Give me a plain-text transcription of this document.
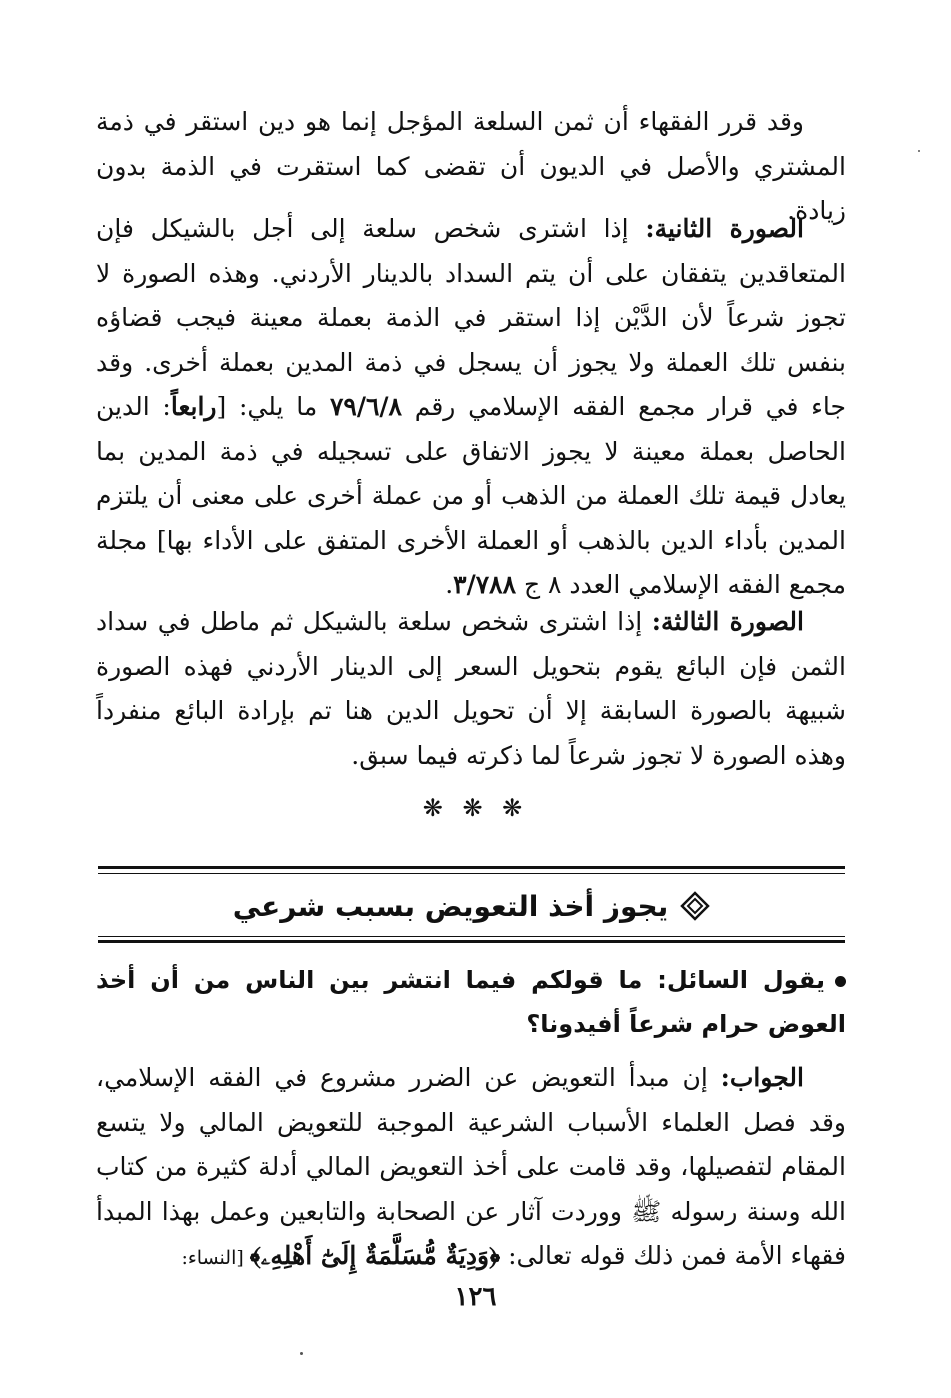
وقد قرر الفقهاء أن ثمن السلعة المؤجل إنما هو دين استقر في ذمة المشتري والأصل في الديون أن تقضى كما استقرت في الذمة بدون زيادة.
الصورة الثانية: إذا اشترى شخص سلعة إلى أجل بالشيكل فإن المتعاقدين يتفقان على أن يتم السداد بالدينار الأردني. وهذه الصورة لا تجوز شرعاً لأن الدَّيْن إذا استقر في الذمة بعملة معينة فيجب قضاؤه بنفس تلك العملة ولا يجوز أن يسجل في ذمة المدين بعملة أخرى. وقد جاء في قرار مجمع الفقه الإسلامي رقم ٧٩/٦/٨ ما يلي: [رابعاً: الدين الحاصل بعملة معينة لا يجوز الاتفاق على تسجيله في ذمة المدين بما يعادل قيمة تلك العملة من الذهب أو من عملة أخرى على معنى أن يلتزم المدين بأداء الدين بالذهب أو العملة الأخرى المتفق على الأداء بها] مجلة مجمع الفقه الإسلامي العدد ٨ ج ٣/٧٨٨.
الصورة الثالثة: إذا اشترى شخص سلعة بالشيكل ثم ماطل في سداد الثمن فإن البائع يقوم بتحويل السعر إلى الدينار الأردني فهذه الصورة شبيهة بالصورة السابقة إلا أن تحويل الدين هنا تم بإرادة البائع منفرداً وهذه الصورة لا تجوز شرعاً لما ذكرته فيما سبق.
❋ ❋ ❋
يجوز أخذ التعويض بسبب شرعي
يقول السائل: ما قولكم فيما انتشر بين الناس من أن أخذ العوض حرام شرعاً أفيدونا؟
الجواب: إن مبدأ التعويض عن الضرر مشروع في الفقه الإسلامي، وقد فصل العلماء الأسباب الشرعية الموجبة للتعويض المالي ولا يتسع المقام لتفصيلها، وقد قامت على أخذ التعويض المالي أدلة كثيرة من كتاب الله وسنة رسوله ﷺ ووردت آثار عن الصحابة والتابعين وعمل بهذا المبدأ فقهاء الأمة فمن ذلك قوله تعالى: ﴿وَدِيَةٌ مُّسَلَّمَةٌ إِلَىٰٓ أَهْلِهِۦ﴾ [النساء:
١٢٦
